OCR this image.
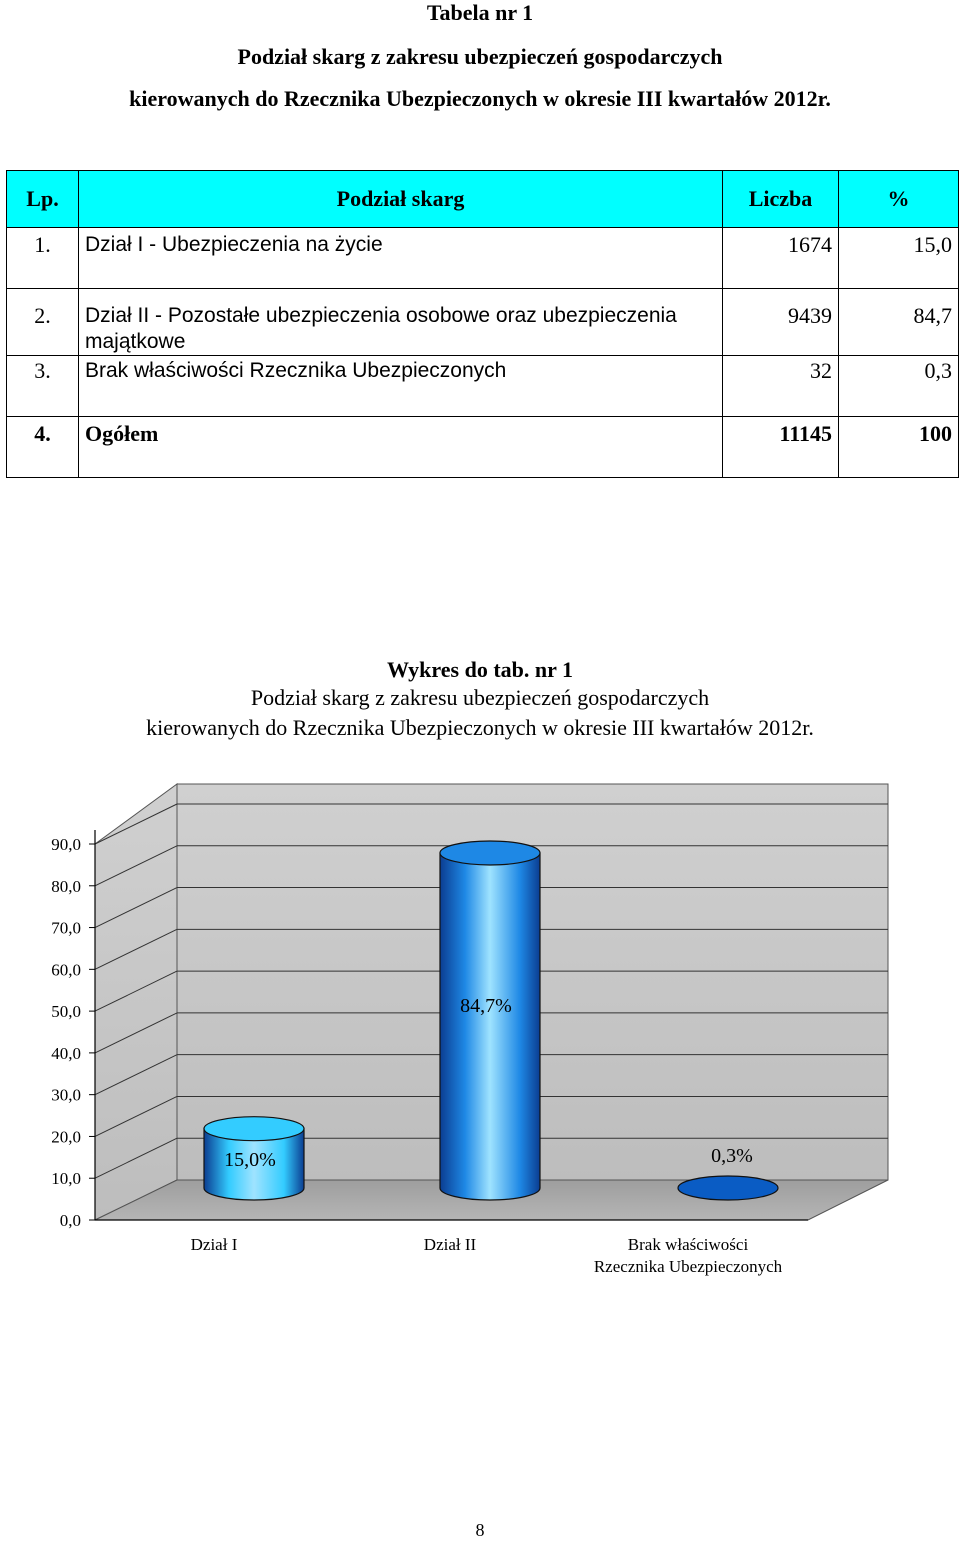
Tabela nr 1
Podział skarg z zakresu ubezpieczeń gospodarczych
kierowanych do Rzecznika Ubezpieczonych w okresie III kwartałów 2012r.
Lp.	Podział skarg	Liczba	%
1.	Dział I - Ubezpieczenia na życie	1674	15,0
2.	Dział II - Pozostałe ubezpieczenia osobowe oraz ubezpieczenia majątkowe	9439	84,7
3.	Brak właściwości Rzecznika Ubezpieczonych	32	0,3
4.	Ogółem	11145	100
Wykres do tab. nr 1
Podział skarg z zakresu ubezpieczeń gospodarczych
kierowanych do Rzecznika Ubezpieczonych w okresie III kwartałów 2012r.
0,0
10,0
20,0
30,0
40,0
50,0
60,0
70,0
80,0
90,0
15,0%
84,7%
0,3%
Dział I	Dział II	Brak właściwości
Rzecznika Ubezpieczonych
8
